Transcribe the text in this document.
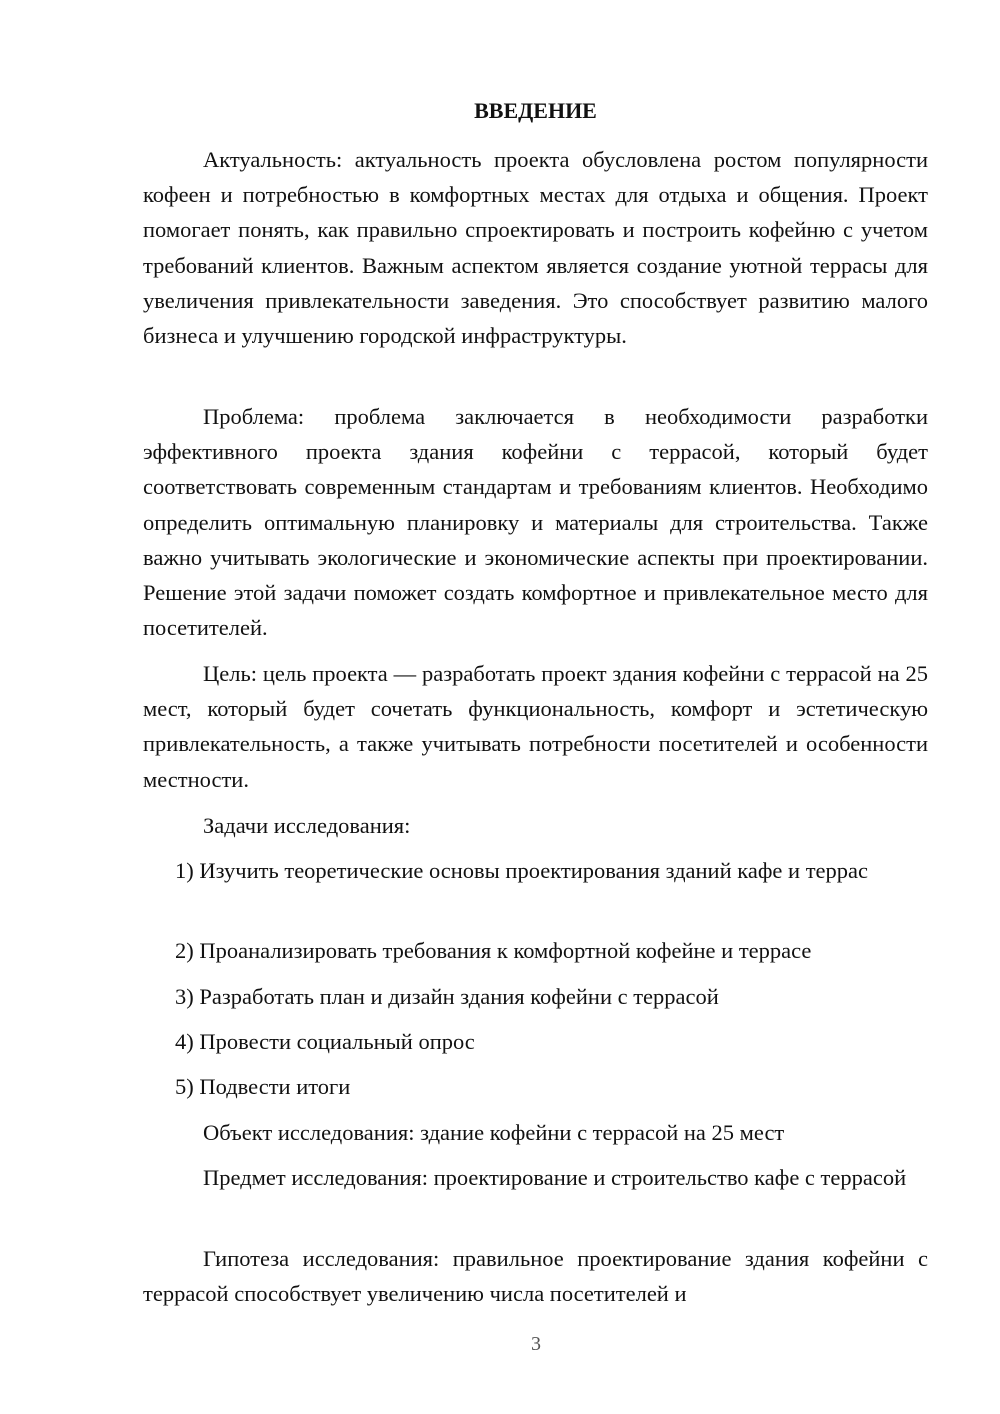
ВВЕДЕНИЕ

Актуальность: актуальность проекта обусловлена ростом популярности кофеен и потребностью в комфортных местах для отдыха и общения. Проект помогает понять, как правильно спроектировать и построить кофейню с учетом требований клиентов. Важным аспектом является создание уютной террасы для увеличения привлекательности заведения. Это способствует развитию малого бизнеса и улучшению городской инфраструктуры.

Проблема: проблема заключается в необходимости разработки эффективного проекта здания кофейни с террасой, который будет соответствовать современным стандартам и требованиям клиентов. Необходимо определить оптимальную планировку и материалы для строительства. Также важно учитывать экологические и экономические аспекты при проектировании. Решение этой задачи поможет создать комфортное и привлекательное место для посетителей.

Цель: цель проекта — разработать проект здания кофейни с террасой на 25 мест, который будет сочетать функциональность, комфорт и эстетическую привлекательность, а также учитывать потребности посетителей и особенности местности.

Задачи исследования:

1) Изучить теоретические основы проектирования зданий кафе и террас

2) Проанализировать требования к комфортной кофейне и террасе

3) Разработать план и дизайн здания кофейни с террасой

4) Провести социальный опрос

5) Подвести итоги

Объект исследования: здание кофейни с террасой на 25 мест

Предмет исследования: проектирование и строительство кафе с террасой

Гипотеза исследования: правильное проектирование здания кофейни с террасой способствует увеличению числа посетителей и

3
